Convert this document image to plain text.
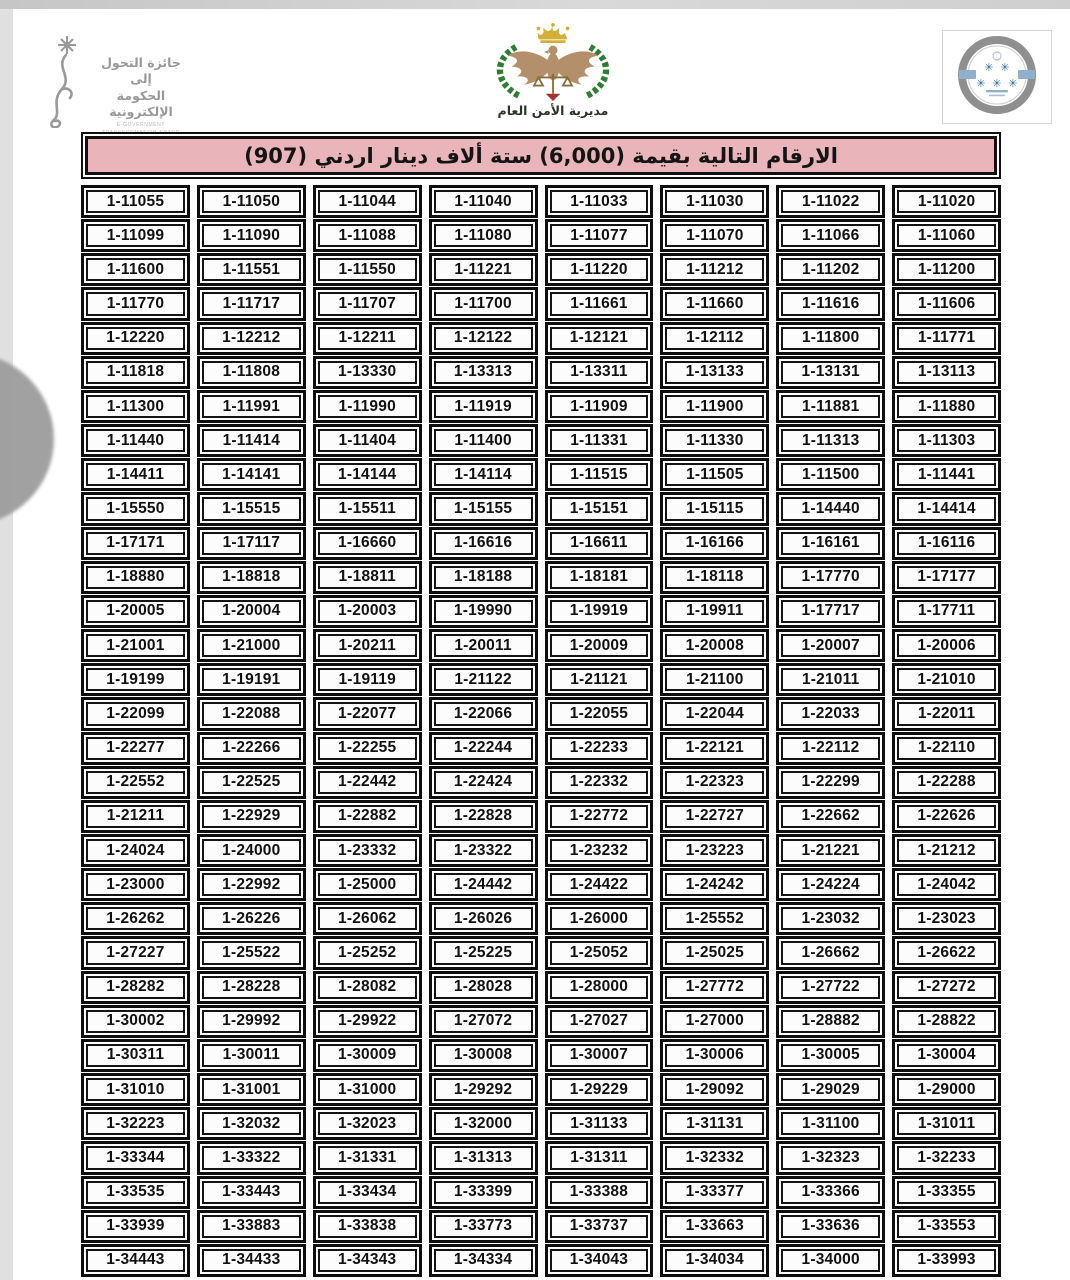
جائزة التحول إلى
الحكومة الإلكترونية
E-GOVERNMENT

مديرية الأمن العام
✳ ✳
✳ ✳ ✳
الارقام التالية بقيمة (6,000) ستة ألاف دينار اردني (907)
1-11055	1-11050	1-11044	1-11040	1-11033	1-11030	1-11022	1-11020
1-11099	1-11090	1-11088	1-11080	1-11077	1-11070	1-11066	1-11060
1-11600	1-11551	1-11550	1-11221	1-11220	1-11212	1-11202	1-11200
1-11770	1-11717	1-11707	1-11700	1-11661	1-11660	1-11616	1-11606
1-12220	1-12212	1-12211	1-12122	1-12121	1-12112	1-11800	1-11771
1-11818	1-11808	1-13330	1-13313	1-13311	1-13133	1-13131	1-13113
1-11300	1-11991	1-11990	1-11919	1-11909	1-11900	1-11881	1-11880
1-11440	1-11414	1-11404	1-11400	1-11331	1-11330	1-11313	1-11303
1-14411	1-14141	1-14144	1-14114	1-11515	1-11505	1-11500	1-11441
1-15550	1-15515	1-15511	1-15155	1-15151	1-15115	1-14440	1-14414
1-17171	1-17117	1-16660	1-16616	1-16611	1-16166	1-16161	1-16116
1-18880	1-18818	1-18811	1-18188	1-18181	1-18118	1-17770	1-17177
1-20005	1-20004	1-20003	1-19990	1-19919	1-19911	1-17717	1-17711
1-21001	1-21000	1-20211	1-20011	1-20009	1-20008	1-20007	1-20006
1-19199	1-19191	1-19119	1-21122	1-21121	1-21100	1-21011	1-21010
1-22099	1-22088	1-22077	1-22066	1-22055	1-22044	1-22033	1-22011
1-22277	1-22266	1-22255	1-22244	1-22233	1-22121	1-22112	1-22110
1-22552	1-22525	1-22442	1-22424	1-22332	1-22323	1-22299	1-22288
1-21211	1-22929	1-22882	1-22828	1-22772	1-22727	1-22662	1-22626
1-24024	1-24000	1-23332	1-23322	1-23232	1-23223	1-21221	1-21212
1-23000	1-22992	1-25000	1-24442	1-24422	1-24242	1-24224	1-24042
1-26262	1-26226	1-26062	1-26026	1-26000	1-25552	1-23032	1-23023
1-27227	1-25522	1-25252	1-25225	1-25052	1-25025	1-26662	1-26622
1-28282	1-28228	1-28082	1-28028	1-28000	1-27772	1-27722	1-27272
1-30002	1-29992	1-29922	1-27072	1-27027	1-27000	1-28882	1-28822
1-30311	1-30011	1-30009	1-30008	1-30007	1-30006	1-30005	1-30004
1-31010	1-31001	1-31000	1-29292	1-29229	1-29092	1-29029	1-29000
1-32223	1-32032	1-32023	1-32000	1-31133	1-31131	1-31100	1-31011
1-33344	1-33322	1-31331	1-31313	1-31311	1-32332	1-32323	1-32233
1-33535	1-33443	1-33434	1-33399	1-33388	1-33377	1-33366	1-33355
1-33939	1-33883	1-33838	1-33773	1-33737	1-33663	1-33636	1-33553
1-34443	1-34433	1-34343	1-34334	1-34043	1-34034	1-34000	1-33993
